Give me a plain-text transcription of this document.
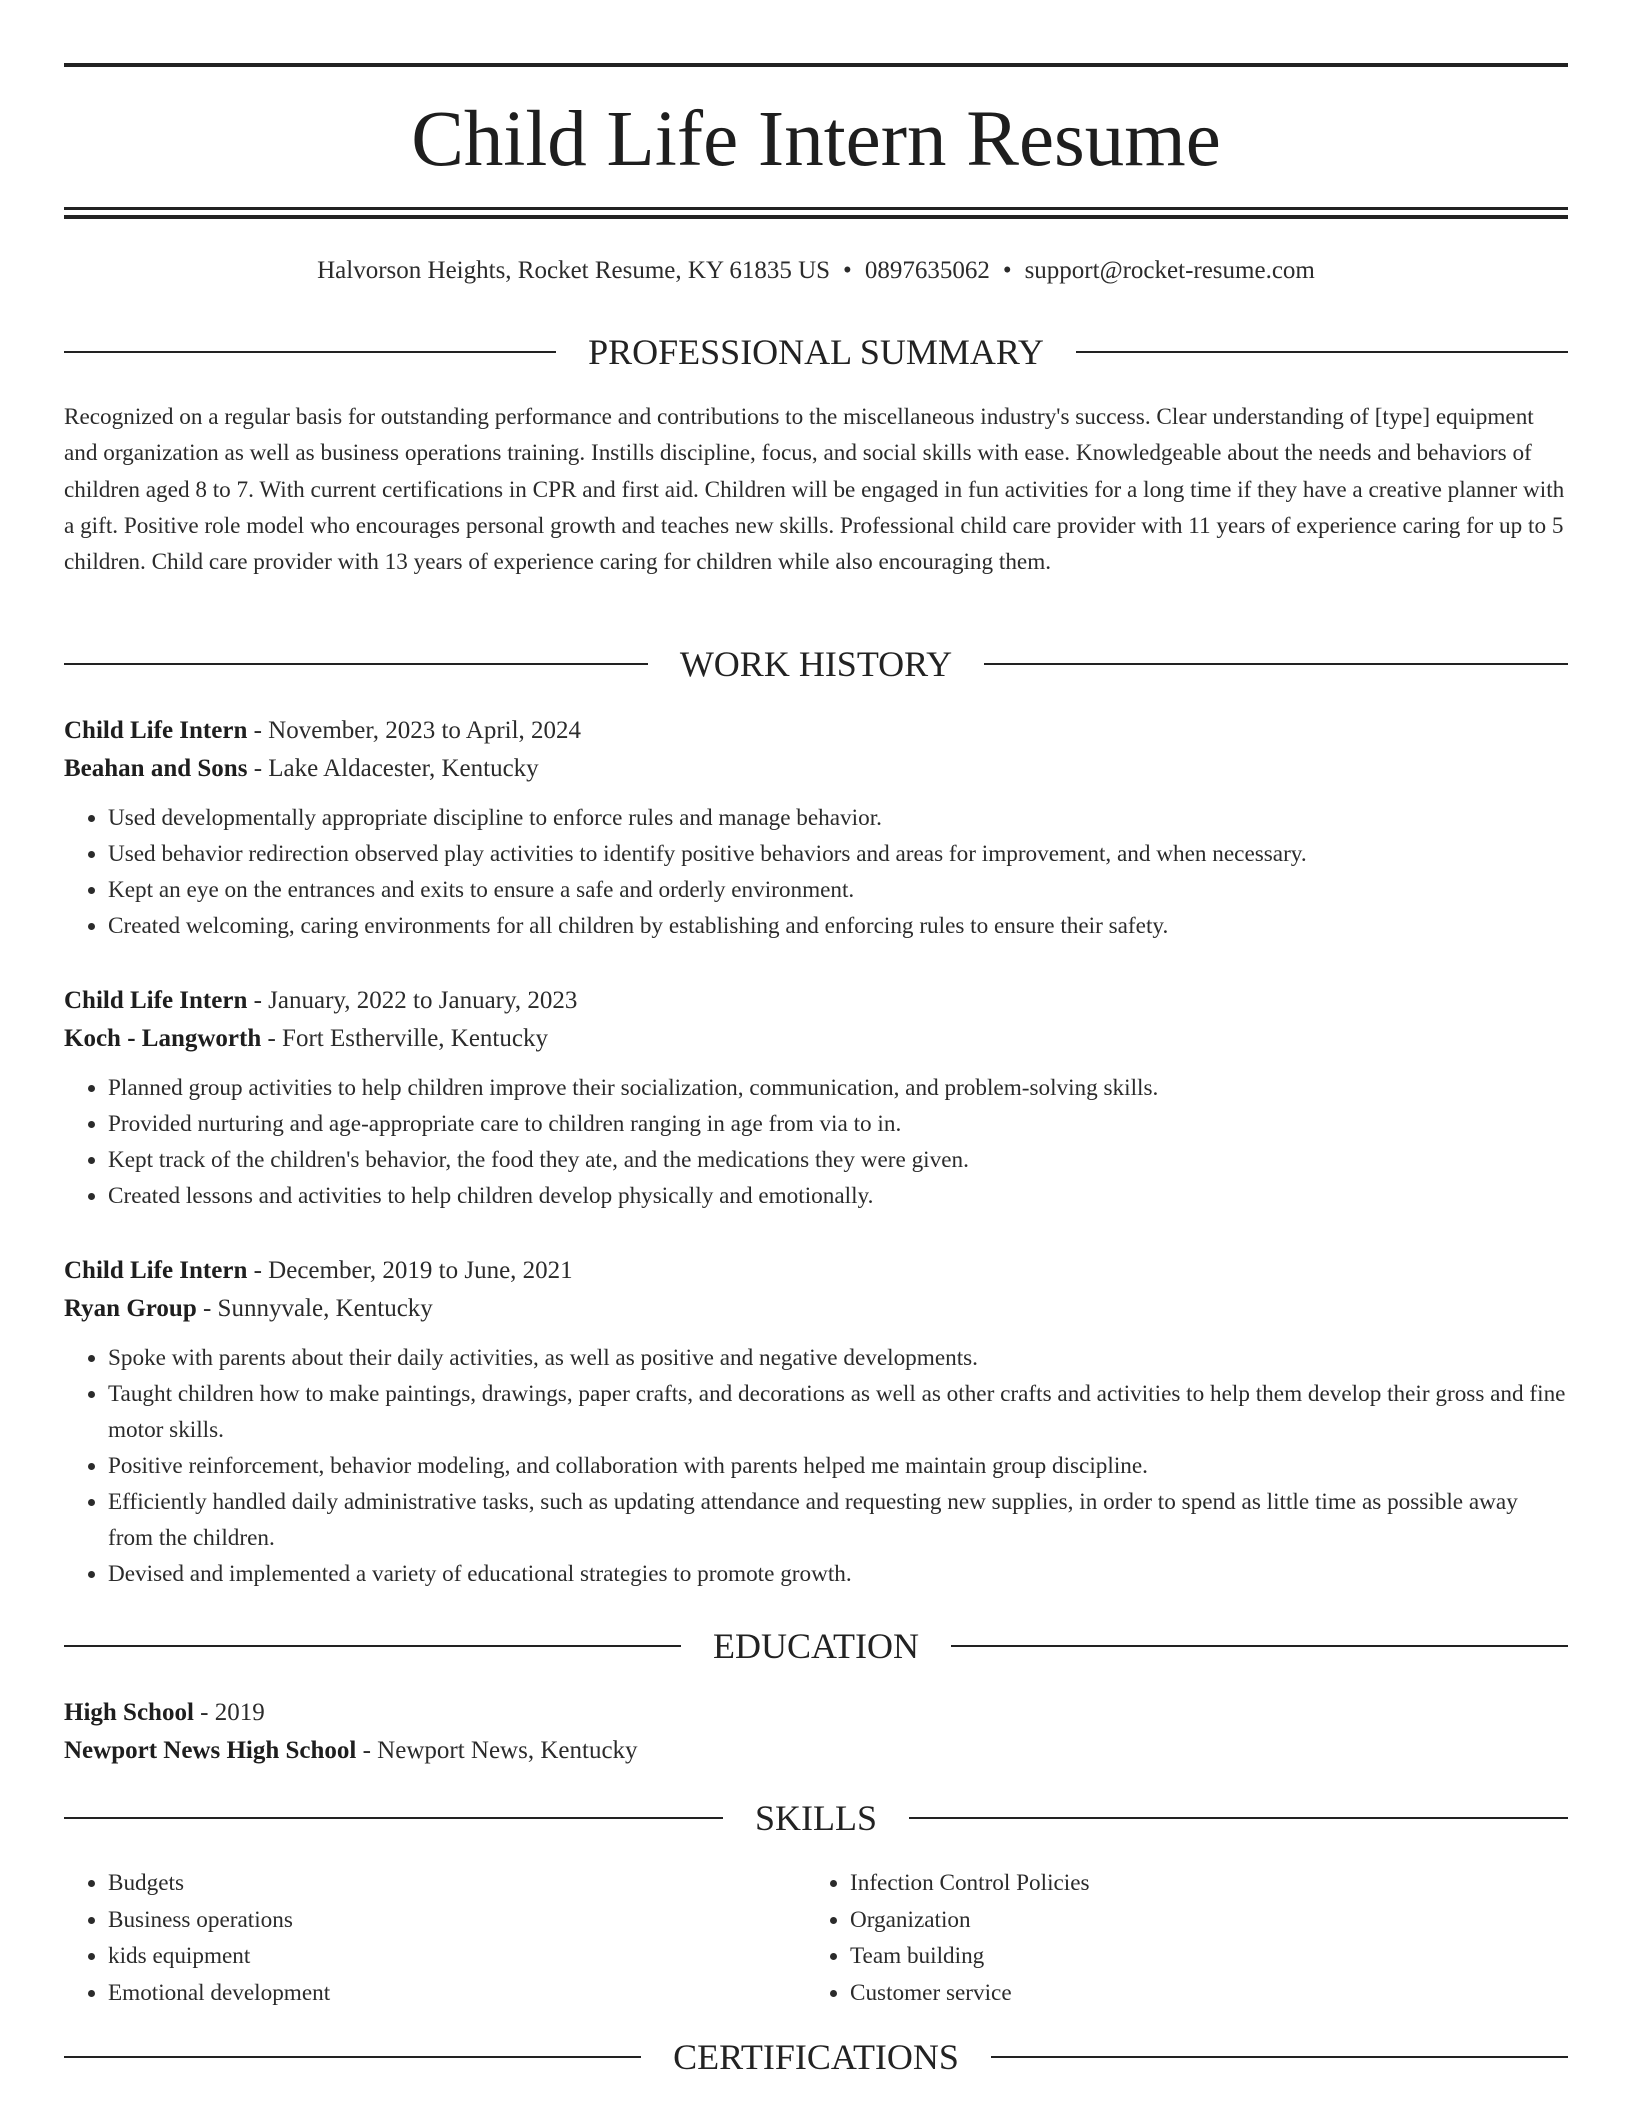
Child Life Intern Resume
Halvorson Heights, Rocket Resume, KY 61835 US • 0897635062 • support@rocket-resume.com
PROFESSIONAL SUMMARY

Recognized on a regular basis for outstanding performance and contributions to the miscellaneous industry's success. Clear understanding of [type] equipment and organization as well as business operations training. Instills discipline, focus, and social skills with ease. Knowledgeable about the needs and behaviors of children aged 8 to 7. With current certifications in CPR and first aid. Children will be engaged in fun activities for a long time if they have a creative planner with a gift. Positive role model who encourages personal growth and teaches new skills. Professional child care provider with 11 years of experience caring for up to 5 children. Child care provider with 13 years of experience caring for children while also encouraging them.

WORK HISTORY
Child Life Intern - November, 2023 to April, 2024
Beahan and Sons - Lake Aldacester, Kentucky
• Used developmentally appropriate discipline to enforce rules and manage behavior.
• Used behavior redirection observed play activities to identify positive behaviors and areas for improvement, and when necessary.
• Kept an eye on the entrances and exits to ensure a safe and orderly environment.
• Created welcoming, caring environments for all children by establishing and enforcing rules to ensure their safety.
Child Life Intern - January, 2022 to January, 2023
Koch - Langworth - Fort Estherville, Kentucky
• Planned group activities to help children improve their socialization, communication, and problem-solving skills.
• Provided nurturing and age-appropriate care to children ranging in age from via to in.
• Kept track of the children's behavior, the food they ate, and the medications they were given.
• Created lessons and activities to help children develop physically and emotionally.
Child Life Intern - December, 2019 to June, 2021
Ryan Group - Sunnyvale, Kentucky
• Spoke with parents about their daily activities, as well as positive and negative developments.
• Taught children how to make paintings, drawings, paper crafts, and decorations as well as other crafts and activities to help them develop their gross and fine motor skills.
• Positive reinforcement, behavior modeling, and collaboration with parents helped me maintain group discipline.
• Efficiently handled daily administrative tasks, such as updating attendance and requesting new supplies, in order to spend as little time as possible away from the children.
• Devised and implemented a variety of educational strategies to promote growth.
EDUCATION
High School - 2019
Newport News High School - Newport News, Kentucky
SKILLS
• Budgets
• Business operations
• kids equipment
• Emotional development
• Infection Control Policies
• Organization
• Team building
• Customer service
CERTIFICATIONS
